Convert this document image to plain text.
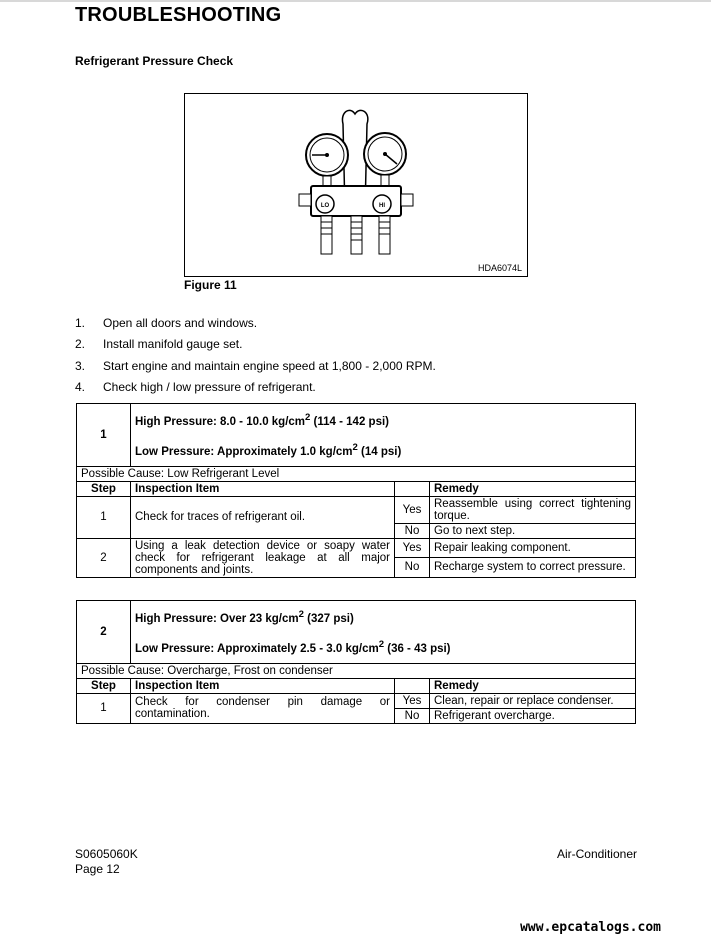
TROUBLESHOOTING
Refrigerant Pressure Check
LO	HI
HDA6074L
Figure 11
1.	Open all doors and windows.
2.	Install manifold gauge set.
3.	Start engine and maintain engine speed at 1,800 - 2,000 RPM.
4.	Check high / low pressure of refrigerant.
1	High Pressure: 8.0 - 10.0 $kg/cm^2$ (114 - 142 psi)
Low Pressure: Approximately 1.0 $kg/cm^2$ (14 psi)		

Possible Cause: Low Refrigerant Level			
Step	Inspection Item		Remedy
1	Check for traces of refrigerant oil.	Yes	Reassemble using correct tightening torque.
		No	Go to next step.
2	Using a leak detection device or soapy water check for refrigerant leakage at all major components and joints.	Yes	Repair leaking component.
		No	Recharge system to correct pressure.
2	High Pressure: Over 23 $kg/cm^2$ (327 psi)
Low Pressure: Approximately 2.5 - 3.0 $kg/cm^2$ (36 - 43 psi)		

Possible Cause: Overcharge, Frost on condenser			
Step	Inspection Item		Remedy
1	Check for condenser pin damage or contamination.	Yes	Clean, repair or replace condenser.
		No	Refrigerant overcharge.
S0605060K
Page 12
Air-Conditioner
www.epcatalogs.com
